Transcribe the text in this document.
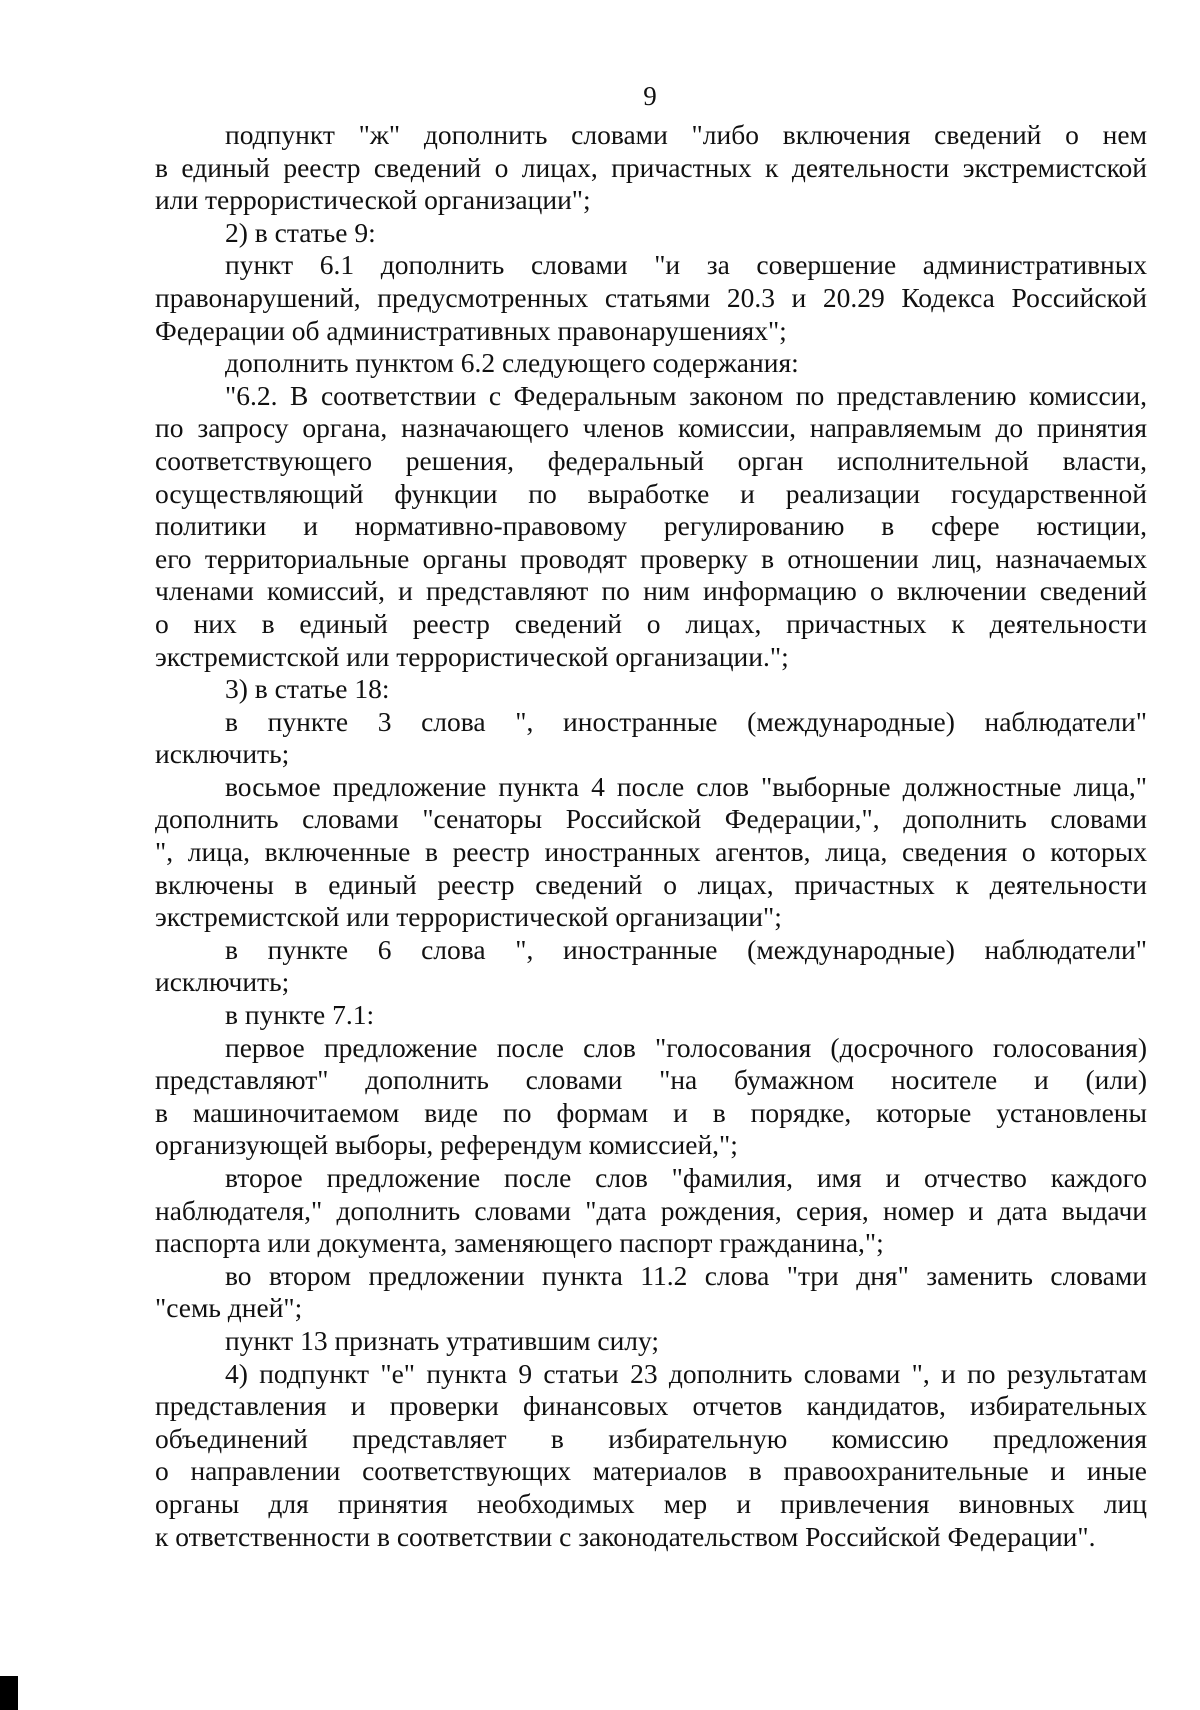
9
подпункт "ж" дополнить словами "либо включения сведений о нем
в единый реестр сведений о лицах, причастных к деятельности экстремистской
или террористической организации";
2) в статье 9:
пункт 6.1 дополнить словами "и за совершение административных
правонарушений, предусмотренных статьями 20.3 и 20.29 Кодекса Российской
Федерации об административных правонарушениях";
дополнить пунктом 6.2 следующего содержания:
"6.2. В соответствии с Федеральным законом по представлению комиссии,
по запросу органа, назначающего членов комиссии, направляемым до принятия
соответствующего решения, федеральный орган исполнительной власти,
осуществляющий функции по выработке и реализации государственной
политики и нормативно-правовому регулированию в сфере юстиции,
его территориальные органы проводят проверку в отношении лиц, назначаемых
членами комиссий, и представляют по ним информацию о включении сведений
о них в единый реестр сведений о лицах, причастных к деятельности
экстремистской или террористической организации.";
3) в статье 18:
в пункте 3 слова ", иностранные (международные) наблюдатели"
исключить;
восьмое предложение пункта 4 после слов "выборные должностные лица,"
дополнить словами "сенаторы Российской Федерации,", дополнить словами
", лица, включенные в реестр иностранных агентов, лица, сведения о которых
включены в единый реестр сведений о лицах, причастных к деятельности
экстремистской или террористической организации";
в пункте 6 слова ", иностранные (международные) наблюдатели"
исключить;
в пункте 7.1:
первое предложение после слов "голосования (досрочного голосования)
представляют" дополнить словами "на бумажном носителе и (или)
в машиночитаемом виде по формам и в порядке, которые установлены
организующей выборы, референдум комиссией,";
второе предложение после слов "фамилия, имя и отчество каждого
наблюдателя," дополнить словами "дата рождения, серия, номер и дата выдачи
паспорта или документа, заменяющего паспорт гражданина,";
во втором предложении пункта 11.2 слова "три дня" заменить словами
"семь дней";
пункт 13 признать утратившим силу;
4) подпункт "е" пункта 9 статьи 23 дополнить словами ", и по результатам
представления и проверки финансовых отчетов кандидатов, избирательных
объединений представляет в избирательную комиссию предложения
о направлении соответствующих материалов в правоохранительные и иные
органы для принятия необходимых мер и привлечения виновных лиц
к ответственности в соответствии с законодательством Российской Федерации".
